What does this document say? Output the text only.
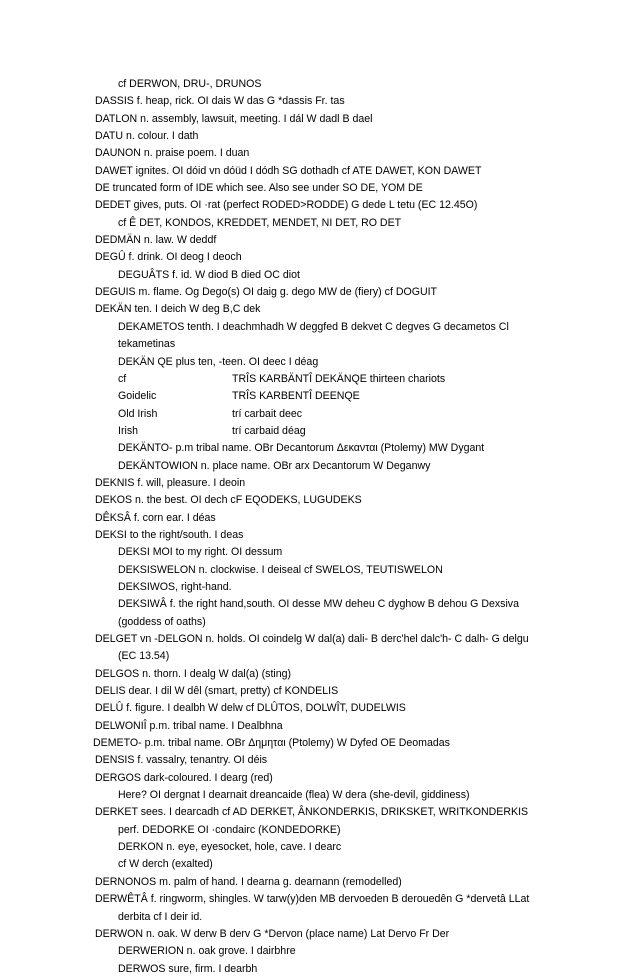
cf DERWON, DRU-, DRUNOS
DASSIS f. heap, rick. OI dais W das G *dassis Fr. tas
DATLON n. assembly, lawsuit, meeting. I dál W dadl B dael
DATU n. colour. I dath
DAUNON n. praise poem. I duan
DAWET ignites. OI dóid vn dóüd I dódh SG dothadh cf ATE DAWET, KON DAWET
DE truncated form of IDE which see. Also see under SO DE, YOM DE
DEDET gives, puts. OI ·rat (perfect RODED>RODDE) G dede L tetu (EC 12.45O)
cf Ê DET, KONDOS, KREDDET, MENDET, NI DET, RO DET
DEDMÄN n. law. W deddf
DEGÛ f. drink. OI deog I deoch
DEGUÂTS f. id. W diod B died OC diot
DEGUIS m. flame. Og Dego(s) OI daig g. dego MW de (fiery) cf DOGUIT
DEKÄN ten. I deich W deg B,C dek
DEKAMETOS tenth. I deachmhadh W deggfed B dekvet C degves G decametos Cl
tekametinas
DEKÄN QE plus ten, -teen. OI deec I déag
cf	TRÎS KARBÄNTÎ DEKÄNQE thirteen chariots
Goidelic	TRÎS KARBENTÎ DEENQE
Old Irish	trí carbait deec
Irish	trí carbaid déag
DEKÄNTO- p.m tribal name. OBr Decantorum Δεκανται (Ptolemy) MW Dygant
DEKÄNTOWION n. place name. OBr arx Decantorum W Deganwy
DEKNIS f. will, pleasure. I deoin
DEKOS n. the best. OI dech cF EQODEKS, LUGUDEKS
DÊKSÂ f. corn ear. I déas
DEKSI to the right/south. I deas
DEKSI MOI to my right. OI dessum
DEKSISWELON n. clockwise. I deiseal cf SWELOS, TEUTISWELON
DEKSIWOS, right-hand.
DEKSIWÂ f. the right hand,south. OI desse MW deheu C dyghow B dehou G Dexsiva
(goddess of oaths)
DELGET vn -DELGON n. holds. OI coindelg W dal(a) dali- B derc'hel dalc'h- C dalh- G delgu
(EC 13.54)
DELGOS n. thorn. I dealg W dal(a) (sting)
DELIS dear. I dil W dêl (smart, pretty) cf KONDELIS
DELÛ f. figure. I dealbh W delw cf DLÛTOS, DOLWÎT, DUDELWIS
DELWONIÎ p.m. tribal name. I Dealbhna
DEMETO- p.m. tribal name. OBr Δημηται (Ptolemy) W Dyfed OE Deomadas
DENSIS f. vassalry, tenantry. OI déis
DERGOS dark-coloured. I dearg (red)
Here? OI dergnat I dearnait dreancaide (flea) W dera (she-devil, giddiness)
DERKET sees. I dearcadh cf AD DERKET, ÂNKONDERKIS, DRIKSKET, WRITKONDERKIS
perf. DEDORKE OI ·condairc (KONDEDORKE)
DERKON n. eye, eyesocket, hole, cave. I dearc
cf W derch (exalted)
DERNONOS m. palm of hand. I dearna g. dearnann (remodelled)
DERWÊTÂ f. ringworm, shingles. W tarw(y)den MB dervoeden B derouedên G *dervetâ LLat
derbita cf I deir id.
DERWON n. oak. W derw B derv G *Dervon (place name) Lat Dervo Fr Der
DERWERION n. oak grove. I dairbhre
DERWOS sure, firm. I dearbh
